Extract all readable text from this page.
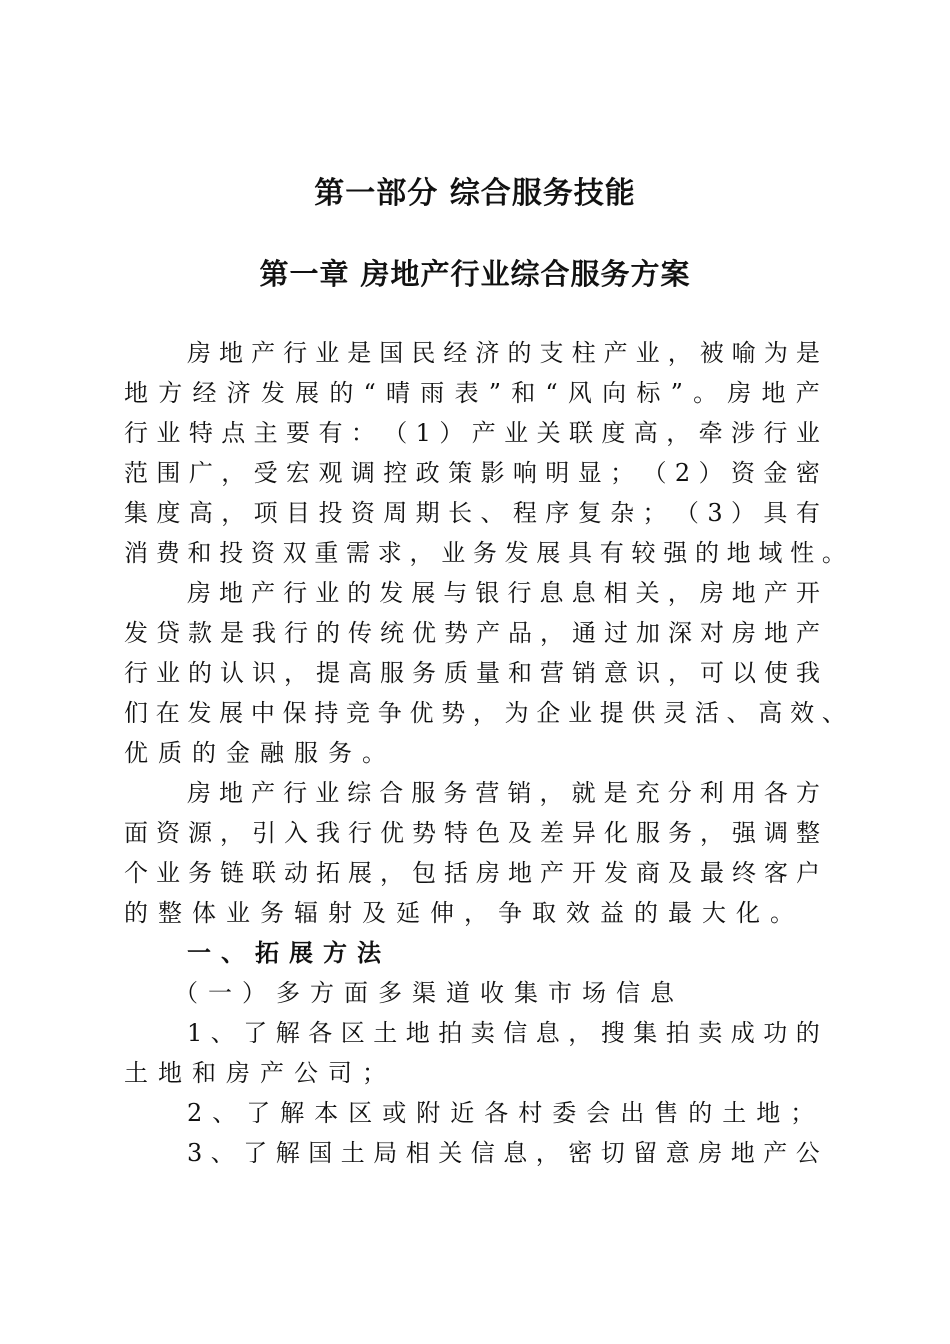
第一部分 综合服务技能
第一章 房地产行业综合服务方案
房 地 产 行 业 是 国 民 经 济 的 支 柱 产 业 ， 被 喻 为 是
地 方 经 济 发 展 的 “ 晴 雨 表 ” 和 “ 风 向 标 ” 。 房 地 产
行 业 特 点 主 要 有 ： （ 1 ） 产 业 关 联 度 高 ， 牵 涉 行 业
范 围 广 ， 受 宏 观 调 控 政 策 影 响 明 显 ； （ 2 ） 资 金 密
集 度 高 ， 项 目 投 资 周 期 长 、 程 序 复 杂 ； （ 3 ） 具 有
消 费 和 投 资 双 重 需 求 ， 业 务 发 展 具 有 较 强 的 地 域 性 。
房 地 产 行 业 的 发 展 与 银 行 息 息 相 关 ， 房 地 产 开
发 贷 款 是 我 行 的 传 统 优 势 产 品 ， 通 过 加 深 对 房 地 产
行 业 的 认 识 ， 提 高 服 务 质 量 和 营 销 意 识 ， 可 以 使 我
们 在 发 展 中 保 持 竞 争 优 势 ， 为 企 业 提 供 灵 活 、 高 效 、
优质的金融服务。
房 地 产 行 业 综 合 服 务 营 销 ， 就 是 充 分 利 用 各 方
面 资 源 ， 引 入 我 行 优 势 特 色 及 差 异 化 服 务 ， 强 调 整
个 业 务 链 联 动 拓 展 ， 包 括 房 地 产 开 发 商 及 最 终 客 户
的整体业务辐射及延伸，争取效益的最大化。
一、拓展方法
（一）多方面多渠道收集市场信息
1 、 了 解 各 区 土 地 拍 卖 信 息 ， 搜 集 拍 卖 成 功 的
土地和房产公司；
2、了解本区或附近各村委会出售的土地；
3 、 了 解 国 土 局 相 关 信 息 ， 密 切 留 意 房 地 产 公
